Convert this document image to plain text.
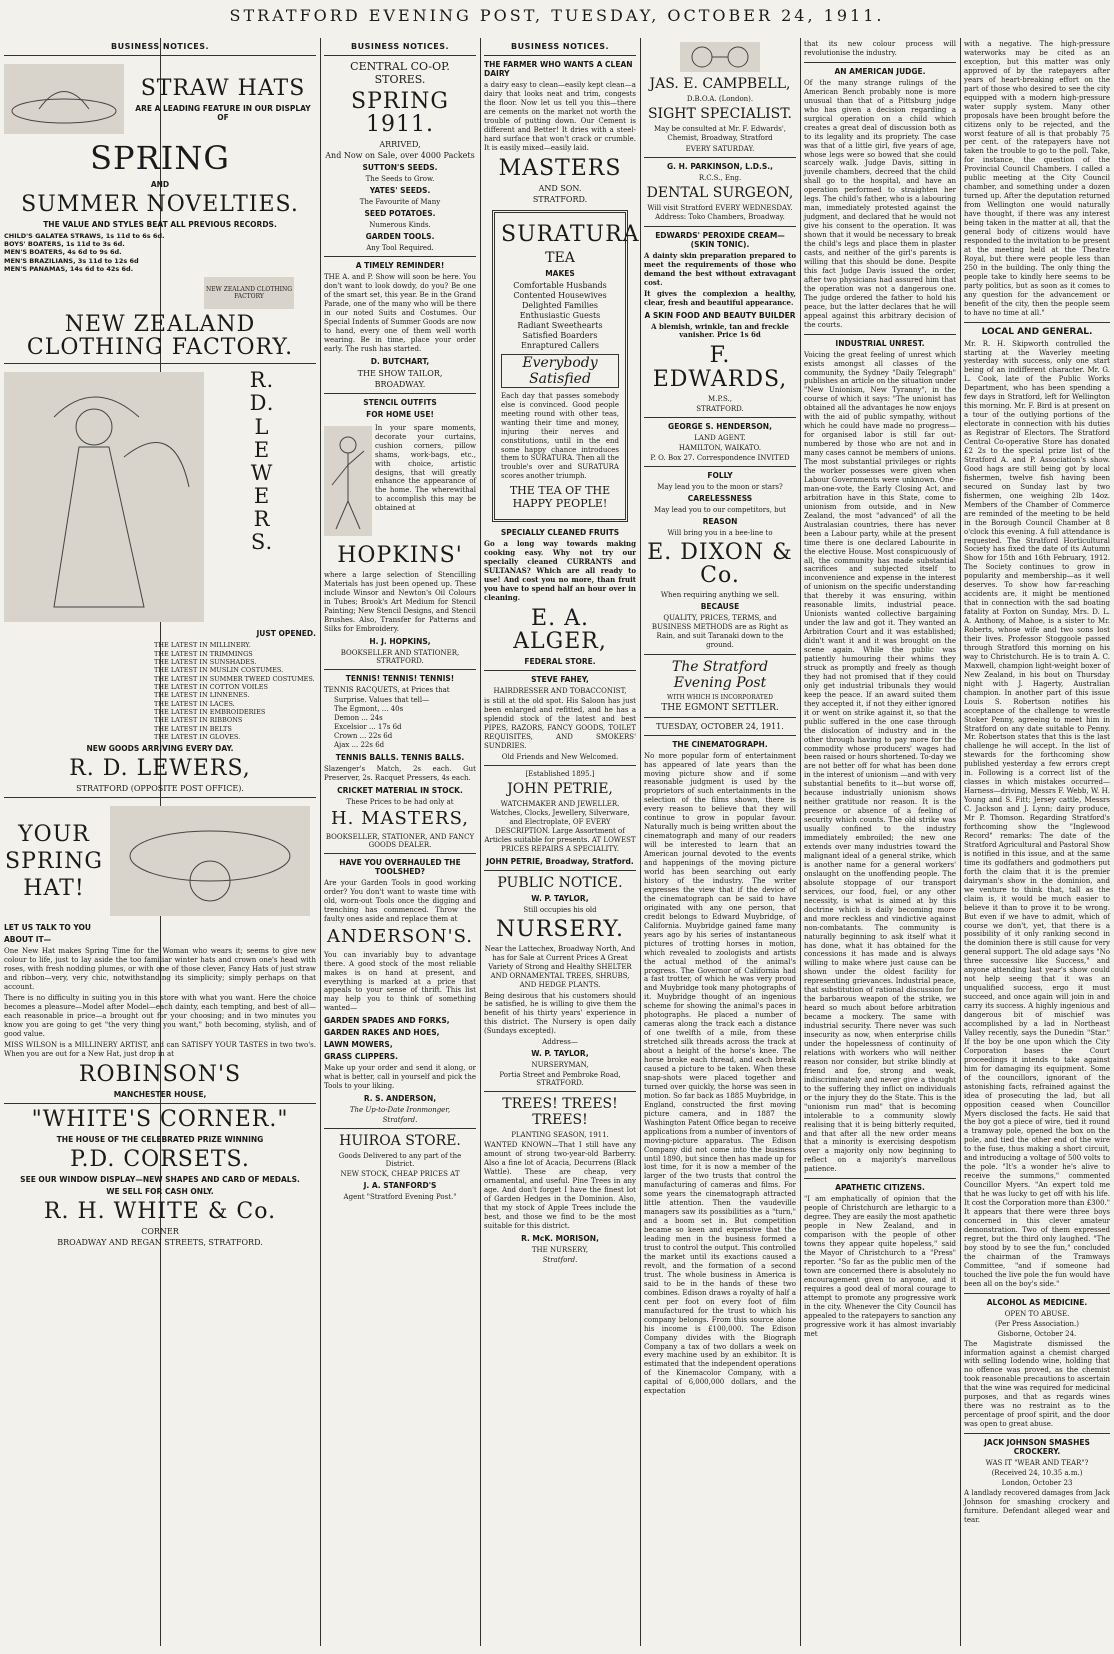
STRATFORD EVENING POST, TUESDAY, OCTOBER 24, 1911.
BUSINESS NOTICES.
STRAW HATS
ARE A LEADING FEATURE IN OUR DISPLAY OF
SPRING
AND
SUMMER NOVELTIES.
THE VALUE AND STYLES BEAT ALL PREVIOUS RECORDS.
CHILD'S GALATEA STRAWS, 1s 11d to 6s 6d.
BOYS' BOATERS, 1s 11d to 3s 6d.
MEN'S BOATERS, 4s 6d to 9s 6d.
MEN'S BRAZILIANS, 3s 11d to 12s 6d
MEN'S PANAMAS, 14s 6d to 42s 6d.
NEW ZEALAND CLOTHING FACTORY
NEW ZEALAND CLOTHING FACTORY.
R.
D.
L
E
W
E
R
S.
JUST OPENED.
THE LATEST IN MILLINERY.
THE LATEST IN TRIMMINGS
THE LATEST IN SUNSHADES.
THE LATEST IN MUSLIN COSTUMES.
THE LATEST IN SUMMER TWEED COSTUMES.
THE LATEST IN COTTON VOILES
THE LATEST IN LINNENES.
THE LATEST IN LACES.
THE LATEST IN EMBROIDERIES
THE LATEST IN RIBBONS
THE LATEST IN BELTS
THE LATEST IN GLOVES.
NEW GOODS ARRIVING EVERY DAY.
R. D. LEWERS,
STRATFORD (OPPOSITE POST OFFICE).
YOUR
SPRING
HAT!
LET US TALK TO YOU
ABOUT IT—

One New Hat makes Spring Time for the Woman who wears it; seems to give new colour to life, just to lay aside the too familiar winter hats and crown one's head with roses, with fresh nodding plumes, or with one of those clever, Fancy Hats of just straw and ribbon—very, very chic, notwithstanding its simplicity; simply perhaps on that account.

There is no difficulty in suiting you in this store with what you want. Here the choice becomes a pleasure—Model after Model—each dainty, each tempting, and best of all—each reasonable in price—a brought out for your choosing; and in two minutes you know you are going to get "the very thing you want," both becoming, stylish, and of good value.

MISS WILSON is a MILLINERY ARTIST, and can SATISFY YOUR TASTES in two two's. When you are out for a New Hat, just drop in at

ROBINSON'S
MANCHESTER HOUSE,
"WHITE'S CORNER."
THE HOUSE OF THE CELEBRATED PRIZE WINNING
P.D. CORSETS.
SEE OUR WINDOW DISPLAY—NEW SHAPES AND CARD OF MEDALS.
WE SELL FOR CASH ONLY.
R. H. WHITE & Co.
CORNER
BROADWAY AND REGAN STREETS, STRATFORD.
BUSINESS NOTICES.
CENTRAL CO-OP. STORES.
SPRING 1911.
ARRIVED,
And Now on Sale, over 4000 Packets
SUTTON'S SEEDS.
The Seeds to Grow.
YATES' SEEDS.
The Favourite of Many
SEED POTATOES.
Numerous Kinds.
GARDEN TOOLS.
Any Tool Required.
A TIMELY REMINDER!

THE A. and P. Show will soon be here. You don't want to look dowdy, do you? Be one of the smart set, this year. Be in the Grand Parade, one of the many who will be there in our noted Suits and Costumes. Our Special Indents of Summer Goods are now to hand, every one of them well worth wearing. Be in time, place your order early. The rush has started.

D. BUTCHART,
THE SHOW TAILOR,
BROADWAY.
STENCIL OUTFITS
FOR HOME USE!

In your spare moments, decorate your curtains, cushion corners, pillow shams, work-bags, etc., with choice, artistic designs, that will greatly enhance the appearance of the home. The wherewithal to accomplish this may be obtained at

HOPKINS'

where a large selection of Stencilling Materials has just been opened up. These include Winsor and Newton's Oil Colours in Tubes; Brook's Art Medium for Stencil Painting; New Stencil Designs, and Stencil Brushes. Also, Transfer for Patterns and Silks for Embroidery.

H. J. HOPKINS,
BOOKSELLER AND STATIONER, STRATFORD.
TENNIS! TENNIS! TENNIS!
TENNIS RACQUETS, at Prices that
Surprise. Values that tell—
The Egmont, ... 40s
Demon ... 24s
Excelsior ... 17s 6d
Crown ... 22s 6d
Ajax ... 22s 6d
TENNIS BALLS. TENNIS BALLS.

Slazenger's Match, 2s each. Gut Preserver, 2s. Racquet Pressers, 4s each.

CRICKET MATERIAL IN STOCK.
These Prices to be had only at
H. MASTERS,
BOOKSELLER, STATIONER, AND FANCY GOODS DEALER.
HAVE YOU OVERHAULED THE TOOLSHED?

Are your Garden Tools in good working order? You don't want to waste time with old, worn-out Tools once the digging and trenching has commenced. Throw the faulty ones aside and replace them at

ANDERSON'S.

You can invariably buy to advantage there. A good stock of the most reliable makes is on hand at present, and everything is marked at a price that appeals to your sense of thrift. This list may help you to think of something wanted—

GARDEN SPADES AND FORKS,
GARDEN RAKES AND HOES,
LAWN MOWERS,
GRASS CLIPPERS.

Make up your order and send it along, or what is better, call in yourself and pick the Tools to your liking.

R. S. ANDERSON,
The Up-to-Date Ironmonger,
Stratford.
HUIROA STORE.
Goods Delivered to any part of the District.
NEW STOCK, CHEAP PRICES AT
J. A. STANFORD'S
Agent "Stratford Evening Post."
BUSINESS NOTICES.
THE FARMER WHO WANTS A CLEAN DAIRY

a dairy easy to clean—easily kept clean—a dairy that looks neat and trim, congests the floor. Now let us tell you this—there are cements on the market not worth the trouble of putting down. Our Cement is different and Better! It dries with a steel-hard surface that won't crack or crumble. It is easily mixed—easily laid.

MASTERS
AND SON.
STRATFORD.
SURATURA
TEA
MAKES
Comfortable Husbands
Contented Housewives
Delighted Families
Enthusiastic Guests
Radiant Sweethearts
Satisfied Boarders
Enraptured Callers
Everybody Satisfied

Each day that passes somebody else is convinced. Good people meeting round with other teas, wanting their time and money, injuring their nerves and constitutions, until in the end some happy chance introduces them to SURATURA. Then all the trouble's over and SURATURA scores another triumph.

THE TEA OF THE HAPPY PEOPLE!
SPECIALLY CLEANED FRUITS

Go a long way towards making cooking easy. Why not try our specially cleaned CURRANTS and SULTANAS? Which are all ready to use! And cost you no more, than fruit you have to spend half an hour over in cleaning.

E. A. ALGER,
FEDERAL STORE.
STEVE FAHEY,
HAIRDRESSER AND TOBACCONIST,

is still at the old spot. His Saloon has just been enlarged and refitted, and he has a splendid stock of the latest and best PIPES, RAZORS, FANCY GOODS, TOILET REQUISITES, AND SMOKERS' SUNDRIES.

Old Friends and New Welcomed.
[Established 1895.]
JOHN PETRIE,

WATCHMAKER AND JEWELLER. Watches, Clocks, Jewellery, Silverware, and Electroplate, OF EVERY DESCRIPTION. Large Assortment of Articles suitable for presents. AT LOWEST PRICES REPAIRS A SPECIALITY.

JOHN PETRIE, Broadway, Stratford.
PUBLIC NOTICE.
W. P. TAYLOR,
Still occupies his old
NURSERY.

Near the Lattechex, Broadway North, And has for Sale at Current Prices A Great Variety of Strong and Healthy SHELTER AND ORNAMENTAL TREES, SHRUBS, AND HEDGE PLANTS.

Being desirous that his customers should be satisfied, he is willing to give them the benefit of his thirty years' experience in this district. The Nursery is open daily (Sundays excepted).

Address—
W. P. TAYLOR,
NURSERYMAN,
Portia Street and Pembroke Road, STRATFORD.
TREES! TREES! TREES!
PLANTING SEASON, 1911.

WANTED KNOWN—That I still have any amount of strong two-year-old Barberry. Also a fine lot of Acacia, Decurrens (Black Wattle). These are cheap, very ornamental, and useful. Pine Trees in any age. And don't forget I have the finest lot of Garden Hedges in the Dominion. Also, that my stock of Apple Trees include the best, and those we find to be the most suitable for this district.

R. McK. MORISON,
THE NURSERY,
Stratford.
JAS. E. CAMPBELL,
D.B.O.A. (London).
SIGHT SPECIALIST.

May be consulted at Mr. F. Edwards', Chemist, Broadway, Stratford

EVERY SATURDAY.
G. H. PARKINSON, L.D.S.,
R.C.S., Eng.
DENTAL SURGEON,

Will visit Stratford EVERY WEDNESDAY. Address: Toko Chambers, Broadway.

EDWARDS' PEROXIDE CREAM—(SKIN TONIC).

A dainty skin preparation prepared to meet the requirements of those who demand the best without extravagant cost.

It gives the complexion a healthy, clear, fresh and beautiful appearance.

A SKIN FOOD AND BEAUTY BUILDER

A blemish, wrinkle, tan and freckle vanisher. Price 1s 6d

F. EDWARDS,
M.P.S.,
STRATFORD.
GEORGE S. HENDERSON,
LAND AGENT.
HAMILTON, WAIKATO.
P. O. Box 27. Correspondence INVITED
FOLLY
May lead you to the moon or stars?
CARELESSNESS
May lead you to our competitors, but
REASON
Will bring you in a bee-line to
E. DIXON & Co.
When requiring anything we sell.
BECAUSE

QUALITY, PRICES, TERMS, and BUSINESS METHODS are as Right as Rain, and suit Taranaki down to the ground.

The Stratford Evening Post
WITH WHICH IS INCORPORATED
THE EGMONT SETTLER.
TUESDAY, OCTOBER 24, 1911.
THE CINEMATOGRAPH.

No more popular form of entertainment has appeared of late years than the moving picture show and if some reasonable judgment is used by the proprietors of such entertainments in the selection of the films shown, there is every reason to believe that they will continue to grow in popular favour. Naturally much is being written about the cinematograph and many of our readers will be interested to learn that an American journal devoted to the events and happenings of the moving picture world has been searching out early history of the industry. The writer expresses the view that if the device of the cinematograph can be said to have originated with any one person, that credit belongs to Edward Muybridge, of California. Muybridge gained fame many years ago by his series of instantaneous pictures of trotting horses in motion, which revealed to zoologists and artists the actual method of the animal's progress. The Governor of California had a fast trotter, of which he was very proud and Muybridge took many photographs of it. Muybridge thought of an ingenious scheme for showing the animal's paces in photographs. He placed a number of cameras along the track each a distance of one twelfth of a mile, from these stretched silk threads across the track at about a height of the horse's knee. The horse broke each thread, and each break caused a picture to be taken. When these snap-shots were placed together and turned over quickly, the horse was seen in motion. So far back as 1885 Muybridge, in England, constructed the first moving picture camera, and in 1887 the Washington Patent Office began to receive applications from a number of inventors of moving-picture apparatus. The Edison Company did not come into the business until 1890, but since then has made up for lost time, for it is now a member of the larger of the two trusts that control the manufacturing of cameras and films. For some years the cinematograph attracted little attention. Then the vaudeville managers saw its possibilities as a "turn," and a boom set in. But competition became so keen and expensive that the leading men in the business formed a trust to control the output. This controlled the market until its exactions caused a revolt, and the formation of a second trust. The whole business in America is said to be in the hands of these two combines. Edison draws a royalty of half a cent per foot on every foot of film manufactured for the trust to which his company belongs. From this source alone his income is £100,000. The Edison Company divides with the Biograph Company a tax of two dollars a week on every machine used by an exhibitor. It is estimated that the independent operations of the Kinemacolor Company, with a capital of 6,000,000 dollars, and the expectation

that its new colour process will revolutionise the industry.

AN AMERICAN JUDGE.

Of the many strange rulings of the American Bench probably none is more unusual than that of a Pittsburg judge who has given a decision regarding a surgical operation on a child which creates a great deal of discussion both as to its legality and its propriety. The case was that of a little girl, five years of age, whose legs were so bowed that she could scarcely walk. Judge Davis, sitting in juvenile chambers, decreed that the child shall go to the hospital, and have an operation performed to straighten her legs. The child's father, who is a labouring man, immediately protested against the judgment, and declared that he would not give his consent to the operation. It was shown that it would be necessary to break the child's legs and place them in plaster casts, and neither of the girl's parents is willing that this should be done. Despite this fact Judge Davis issued the order, after two physicians had assured him that the operation was not a dangerous one. The judge ordered the father to hold his peace, but the latter declares that he will appeal against this arbitrary decision of the courts.

INDUSTRIAL UNREST.

Voicing the great feeling of unrest which exists amongst all classes of the community, the Sydney "Daily Telegraph" publishes an article on the situation under "New Unionism, New Tyranny", in the course of which it says: "The unionist has obtained all the advantages he now enjoys with the aid of public sympathy, without which he could have made no progress—for organised labor is still far out-numbered by those who are not and in many cases cannot be members of unions. The most substantial privileges or rights the worker possesses were given when Labour Governments were unknown. One-man-one-vote, the Early Closing Act, and arbitration have in this State, come to unionism from outside, and in New Zealand, the most "advanced" of all the Australasian countries, there has never been a Labour party, while at the present time there is one declared Labourite in the elective House. Most conspicuously of all, the community has made substantial sacrifices and subjected itself to inconvenience and expense in the interest of unionism on the specific understanding that thereby it was ensuring, within reasonable limits, industrial peace. Unionists wanted collective bargaining under the law and got it. They wanted an Arbitration Court and it was established; didn't want it and it was brought on the scene again. While the public was patiently humouring their whims they struck as promptly and freely as though they had not promised that if they could only get industrial tribunals they would keep the peace. If an award suited them they accepted it, if not they either ignored it or went on strike against it, so that the public suffered in the one case through the dislocation of industry and in the other through having to pay more for the commodity whose producers' wages had been raised or hours shortened. To-day we are not better off for what has been done in the interest of unionism —and with very substantial benefits to it—but worse off, because industrially unionism shows neither gratitude nor reason. It is the presence or absence of a feeling of security which counts. The old strike was usually confined to the industry immediately embroiled; the new one extends over many industries toward the malignant ideal of a general strike, which is another name for a general workers' onslaught on the unoffending people. The absolute stoppage of our transport services, our food, fuel, or any other necessity, is what is aimed at by this doctrine which is daily becoming more and more reckless and vindictive against non-combatants. The community is naturally beginning to ask itself what it has done, what it has obtained for the concessions it has made and is always willing to make where just cause can be shown under the oldest facility for representing grievances. Industrial peace, that substitution of rational discussion for the barbarous weapon of the strike, we heard so much about before arbitration became a mockery. The same with industrial security. There never was such insecurity as now, when enterprise chills under the hopelessness of continuity of relations with workers who will neither reason nor consider, but strike blindly at friend and foe, strong and weak, indiscriminately and never give a thought to the suffering they inflict on individuals or the injury they do the State. This is the "unionism run mad" that is becoming intolerable to a community slowly realising that it is being bitterly requited, and that after all the new order means that a minority is exercising despotism over a majority only now beginning to reflect on a majority's marvellous patience.

APATHETIC CITIZENS.

"I am emphatically of opinion that the people of Christchurch are lethargic to a degree. They are easily the most apathetic people in New Zealand, and in comparison with the people of other towns they appear quite hopeless," said the Mayor of Christchurch to a "Press" reporter. "So far as the public men of the town are concerned there is absolutely no encouragement given to anyone, and it requires a good deal of moral courage to attempt to promote any progressive work in the city. Whenever the City Council has appealed to the ratepayers to sanction any progressive work it has almost invariably met

with a negative. The high-pressure waterworks may be cited as an exception, but this matter was only approved of by the ratepayers after years of heart-breaking effort on the part of those who desired to see the city equipped with a modern high-pressure water supply system. Many other proposals have been brought before the citizens only to be rejected, and the worst feature of all is that probably 75 per cent. of the ratepayers have not taken the trouble to go to the poll. Take, for instance, the question of the Provincial Council Chambers. I called a public meeting at the City Council chamber, and something under a dozen turned up. After the deputation returned from Wellington one would naturally have thought, if there was any interest being taken in the matter at all, that the general body of citizens would have responded to the invitation to be present at the meeting held at the Theatre Royal, but there were people less than 250 in the building. The only thing the people take to kindly here seems to be party politics, but as soon as it comes to any question for the advancement or benefit of the city, then the people seem to have no time at all."

LOCAL AND GENERAL.

Mr. R. H. Skipworth controlled the starting at the Waverley meeting yesterday with success, only one start being of an indifferent character. Mr. G. L. Cook, late of the Public Works Department, who has been spending a few days in Stratford, left for Wellington this morning. Mr. F. Bird is at present on a tour of the outlying portions of the electorate in connection with his duties as Registrar of Electors. The Stratford Central Co-operative Store has donated £2 2s to the special prize list of the Stratford A. and P. Association's show. Good hags are still being got by local fishermen, twelve fish having been secured on Sunday last by two fishermen, one weighing 2lb 14oz. Members of the Chamber of Commerce are reminded of the meeting to be held in the Borough Council Chamber at 8 o'clock this evening. A full attendance is requested. The Stratford Horticultural Society has fixed the date of its Autumn Show for 15th and 16th February, 1912. The Society continues to grow in popularity and membership—as it well deserves. To show how far-reaching accidents are, it might be mentioned that in connection with the sad boating fatality at Foxton on Sunday, Mrs. D. L. A. Anthony, of Mahoe, is a sister to Mr. Roberts, whose wife and two sons lost their lives. Professor Stoggoole passed through Stratford this morning on his way to Christchurch. He is to train A. C. Maxwell, champion light-weight boxer of New Zealand, in his bout on Thursday night with J. Hagerty, Australian champion. In another part of this issue Louis S. Robertson notifies his acceptance of the challenge to wrestle Stoker Penny, agreeing to meet him in Stratford on any date suitable to Penny. Mr. Robertson states that this is the last challenge he will accept. In the list of stewards for the forthcoming show published yesterday a few errors crept in. Following is a correct list of the classes in which mistakes occurred—Harness—driving, Messrs F. Webb, W. H. Young and S. Fitt; Jersey cattle, Messrs C. Jackson and J. Lynn; dairy produce, Mr P. Thomson. Regarding Stratford's forthcoming show the "Inglewood Record" remarks: The date of the Stratford Agricultural and Pastoral Show is notified in this issue, and at the same time its godfathers and godmothers put forth the claim that it is the premier dairyman's show in the dominion, and we venture to think that, tall as the claim is, it would be much easier to believe it than to prove it to be wrong. But even if we have to admit, which of course we don't, yet, that there is a possibility of it only ranking second in the dominion there is still cause for very general support. The old adage says "No three successive like Success," and anyone attending last year's show could not help seeing that it was an unqualified success, ergo it must succeed, and once again will join in and carry its success. A highly ingenious and dangerous bit of mischief was accomplished by a lad in Northeast Valley recently, says the Dunedin "Star." If the boy be one upon which the City Corporation bases the Court proceedings it intends to take against him for damaging its equipment. Some of the councillors, ignorant of the astonishing facts, refrained against the idea of prosecuting the lad, but all opposition ceased when Councillor Myers disclosed the facts. He said that the boy got a piece of wire, tied it round a tramway pole, opened the box on the pole, and tied the other end of the wire to the fuse, thus making a short circuit, and introducing a voltage of 500 volts to the pole. "It's a wonder he's alive to receive the summons," commented Councillor Myers. "An expert told me that he was lucky to get off with his life. It cost the Corporation more than £300." It appears that there were three boys concerned in this clever amateur demonstration. Two of them expressed regret, but the third only laughed. "The boy stood by to see the fun," concluded the chairman of the Tramways Committee, "and if someone had touched the live pole the fun would have been all on the boy's side."

ALCOHOL AS MEDICINE.
OPEN TO ABUSE.
(Per Press Association.)
Gisborne, October 24.

The Magistrate dismissed the information against a chemist charged with selling Iodendo wine, holding that no offence was proved, as the chemist took reasonable precautions to ascertain that the wine was required for medicinal purposes, and that as regards wines there was no restraint as to the percentage of proof spirit, and the door was open to great abuse.

JACK JOHNSON SMASHES CROCKERY.
WAS IT "WEAR AND TEAR"?
(Received 24, 10.35 a.m.)
London, October 23

A landlady recovered damages from Jack Johnson for smashing crockery and furniture. Defendant alleged wear and tear.
